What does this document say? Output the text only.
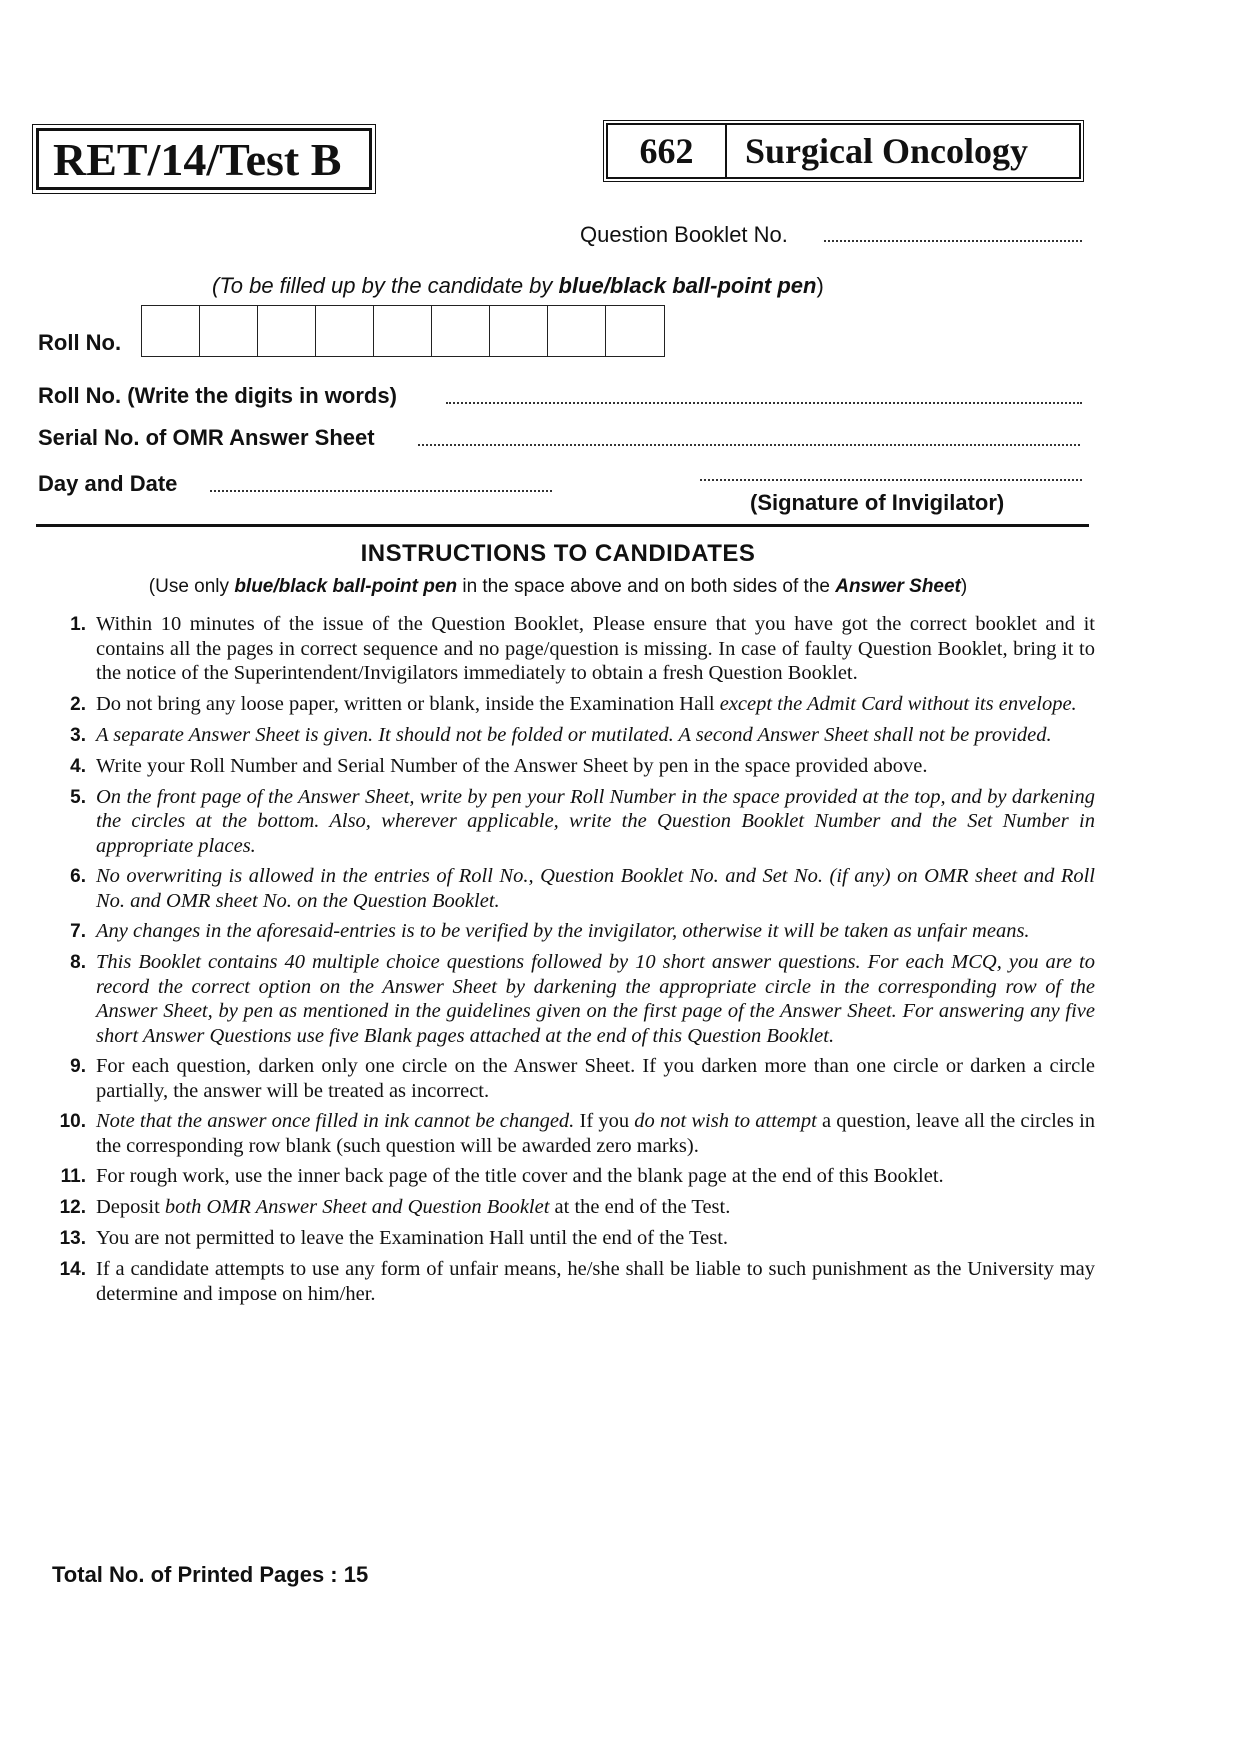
RET/14/Test B	662	Surgical Oncology
Question Booklet No.
(To be filled up by the candidate by blue/black ball-point pen)
Roll No.
Roll No. (Write the digits in words)
Serial No. of OMR Answer Sheet
Day and Date
(Signature of Invigilator)
INSTRUCTIONS TO CANDIDATES
(Use only blue/black ball-point pen in the space above and on both sides of the Answer Sheet)
1. Within 10 minutes of the issue of the Question Booklet, Please ensure that you have got the correct booklet and it contains all the pages in correct sequence and no page/question is missing. In case of faulty Question Booklet, bring it to the notice of the Superintendent/Invigilators immediately to obtain a fresh Question Booklet.
2. Do not bring any loose paper, written or blank, inside the Examination Hall except the Admit Card without its envelope.
3. A separate Answer Sheet is given. It should not be folded or mutilated. A second Answer Sheet shall not be provided.
4. Write your Roll Number and Serial Number of the Answer Sheet by pen in the space provided above.
5. On the front page of the Answer Sheet, write by pen your Roll Number in the space provided at the top, and by darkening the circles at the bottom. Also, wherever applicable, write the Question Booklet Number and the Set Number in appropriate places.
6. No overwriting is allowed in the entries of Roll No., Question Booklet No. and Set No. (if any) on OMR sheet and Roll No. and OMR sheet No. on the Question Booklet.
7. Any changes in the aforesaid-entries is to be verified by the invigilator, otherwise it will be taken as unfair means.
8. This Booklet contains 40 multiple choice questions followed by 10 short answer questions. For each MCQ, you are to record the correct option on the Answer Sheet by darkening the appropriate circle in the corresponding row of the Answer Sheet, by pen as mentioned in the guidelines given on the first page of the Answer Sheet. For answering any five short Answer Questions use five Blank pages attached at the end of this Question Booklet.
9. For each question, darken only one circle on the Answer Sheet. If you darken more than one circle or darken a circle partially, the answer will be treated as incorrect.
10. Note that the answer once filled in ink cannot be changed. If you do not wish to attempt a question, leave all the circles in the corresponding row blank (such question will be awarded zero marks).
11. For rough work, use the inner back page of the title cover and the blank page at the end of this Booklet.
12. Deposit both OMR Answer Sheet and Question Booklet at the end of the Test.
13. You are not permitted to leave the Examination Hall until the end of the Test.
14. If a candidate attempts to use any form of unfair means, he/she shall be liable to such punishment as the University may determine and impose on him/her.
Total No. of Printed Pages : 15
